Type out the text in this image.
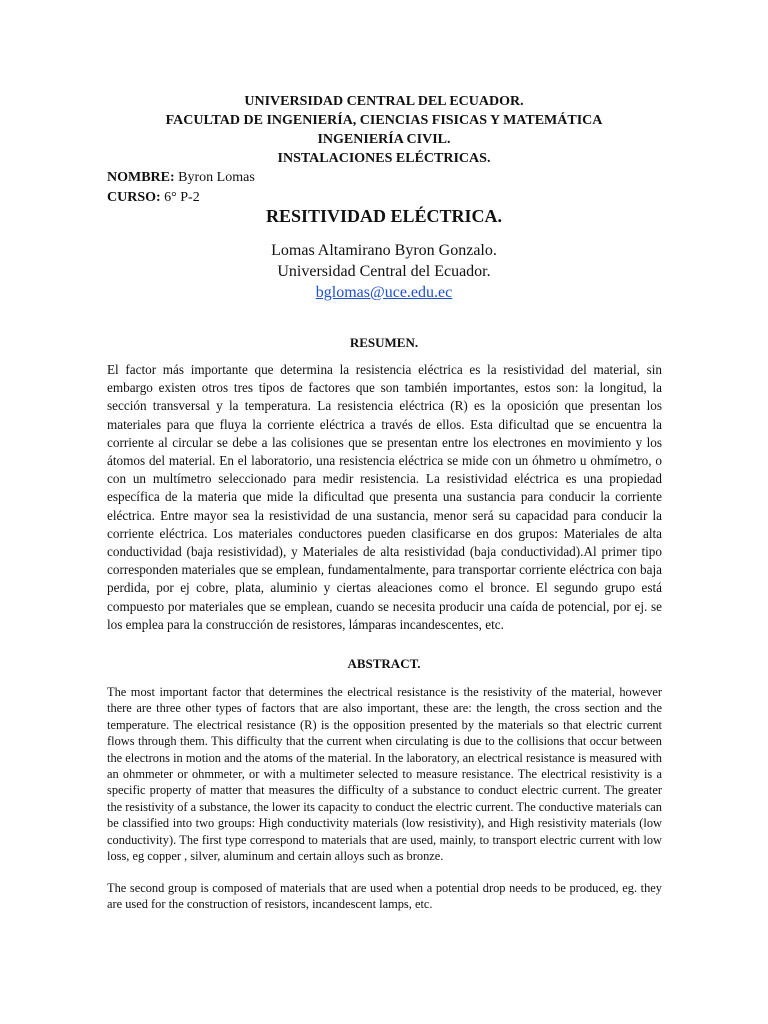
UNIVERSIDAD CENTRAL DEL ECUADOR.
FACULTAD DE INGENIERÍA, CIENCIAS FISICAS Y MATEMÁTICA
INGENIERÍA CIVIL.
INSTALACIONES ELÉCTRICAS.
NOMBRE: Byron Lomas
CURSO: 6° P-2
RESITIVIDAD ELÉCTRICA.
Lomas Altamirano Byron Gonzalo.
Universidad Central del Ecuador.
bglomas@uce.edu.ec
RESUMEN.

El factor más importante que determina la resistencia eléctrica es la resistividad del material, sin embargo existen otros tres tipos de factores que son también importantes, estos son: la longitud, la sección transversal y la temperatura. La resistencia eléctrica (R) es la oposición que presentan los materiales para que fluya la corriente eléctrica a través de ellos. Esta dificultad que se encuentra la corriente al circular se debe a las colisiones que se presentan entre los electrones en movimiento y los átomos del material. En el laboratorio, una resistencia eléctrica se mide con un óhmetro u ohmímetro, o con un multímetro seleccionado para medir resistencia. La resistividad eléctrica es una propiedad específica de la materia que mide la dificultad que presenta una sustancia para conducir la corriente eléctrica. Entre mayor sea la resistividad de una sustancia, menor será su capacidad para conducir la corriente eléctrica. Los materiales conductores pueden clasificarse en dos grupos: Materiales de alta conductividad (baja resistividad), y Materiales de alta resistividad (baja conductividad).Al primer tipo corresponden materiales que se emplean, fundamentalmente, para transportar corriente eléctrica con baja perdida, por ej cobre, plata, aluminio y ciertas aleaciones como el bronce. El segundo grupo está compuesto por materiales que se emplean, cuando se necesita producir una caída de potencial, por ej. se los emplea para la construcción de resistores, lámparas incandescentes, etc.

ABSTRACT.

The most important factor that determines the electrical resistance is the resistivity of the material, however there are three other types of factors that are also important, these are: the length, the cross section and the temperature. The electrical resistance (R) is the opposition presented by the materials so that electric current flows through them. This difficulty that the current when circulating is due to the collisions that occur between the electrons in motion and the atoms of the material. In the laboratory, an electrical resistance is measured with an ohmmeter or ohmmeter, or with a multimeter selected to measure resistance. The electrical resistivity is a specific property of matter that measures the difficulty of a substance to conduct electric current. The greater the resistivity of a substance, the lower its capacity to conduct the electric current. The conductive materials can be classified into two groups: High conductivity materials (low resistivity), and High resistivity materials (low conductivity). The first type correspond to materials that are used, mainly, to transport electric current with low loss, eg copper , silver, aluminum and certain alloys such as bronze.

The second group is composed of materials that are used when a potential drop needs to be produced, eg. they are used for the construction of resistors, incandescent lamps, etc.
